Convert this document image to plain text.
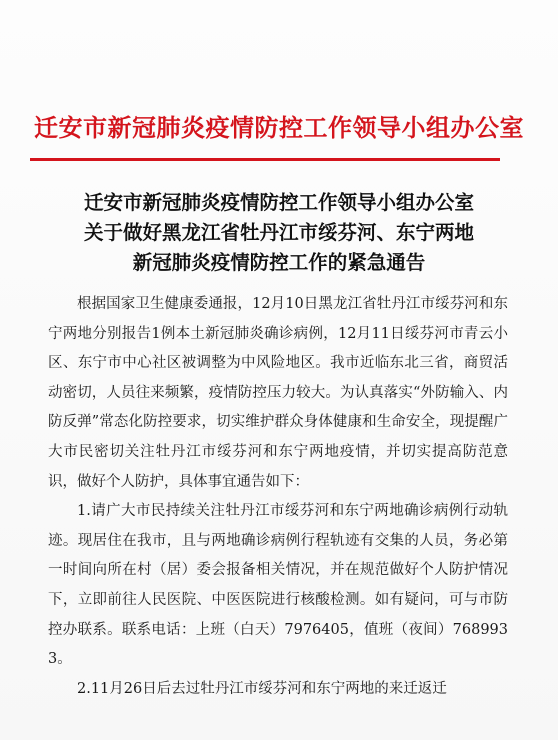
迁安市新冠肺炎疫情防控工作领导小组办公室
迁安市新冠肺炎疫情防控工作领导小组办公室
关于做好黑龙江省牡丹江市绥芬河、东宁两地
新冠肺炎疫情防控工作的紧急通告

根据国家卫生健康委通报，12月10日黑龙江省牡丹江市绥芬河和东宁两地分别报告1例本土新冠肺炎确诊病例，12月11日绥芬河市青云小区、东宁市中心社区被调整为中风险地区。我市近临东北三省，商贸活动密切，人员往来频繁，疫情防控压力较大。为认真落实“外防输入、内防反弹”常态化防控要求，切实维护群众身体健康和生命安全，现提醒广大市民密切关注牡丹江市绥芬河和东宁两地疫情，并切实提高防范意识，做好个人防护，具体事宜通告如下：

1.请广大市民持续关注牡丹江市绥芬河和东宁两地确诊病例行动轨迹。现居住在我市，且与两地确诊病例行程轨迹有交集的人员，务必第一时间向所在村（居）委会报备相关情况，并在规范做好个人防护情况下，立即前往人民医院、中医医院进行核酸检测。如有疑问，可与市防控办联系。联系电话：上班（白天）7976405，值班（夜间）7689933。

2.11月26日后去过牡丹江市绥芬河和东宁两地的来迁返迁
